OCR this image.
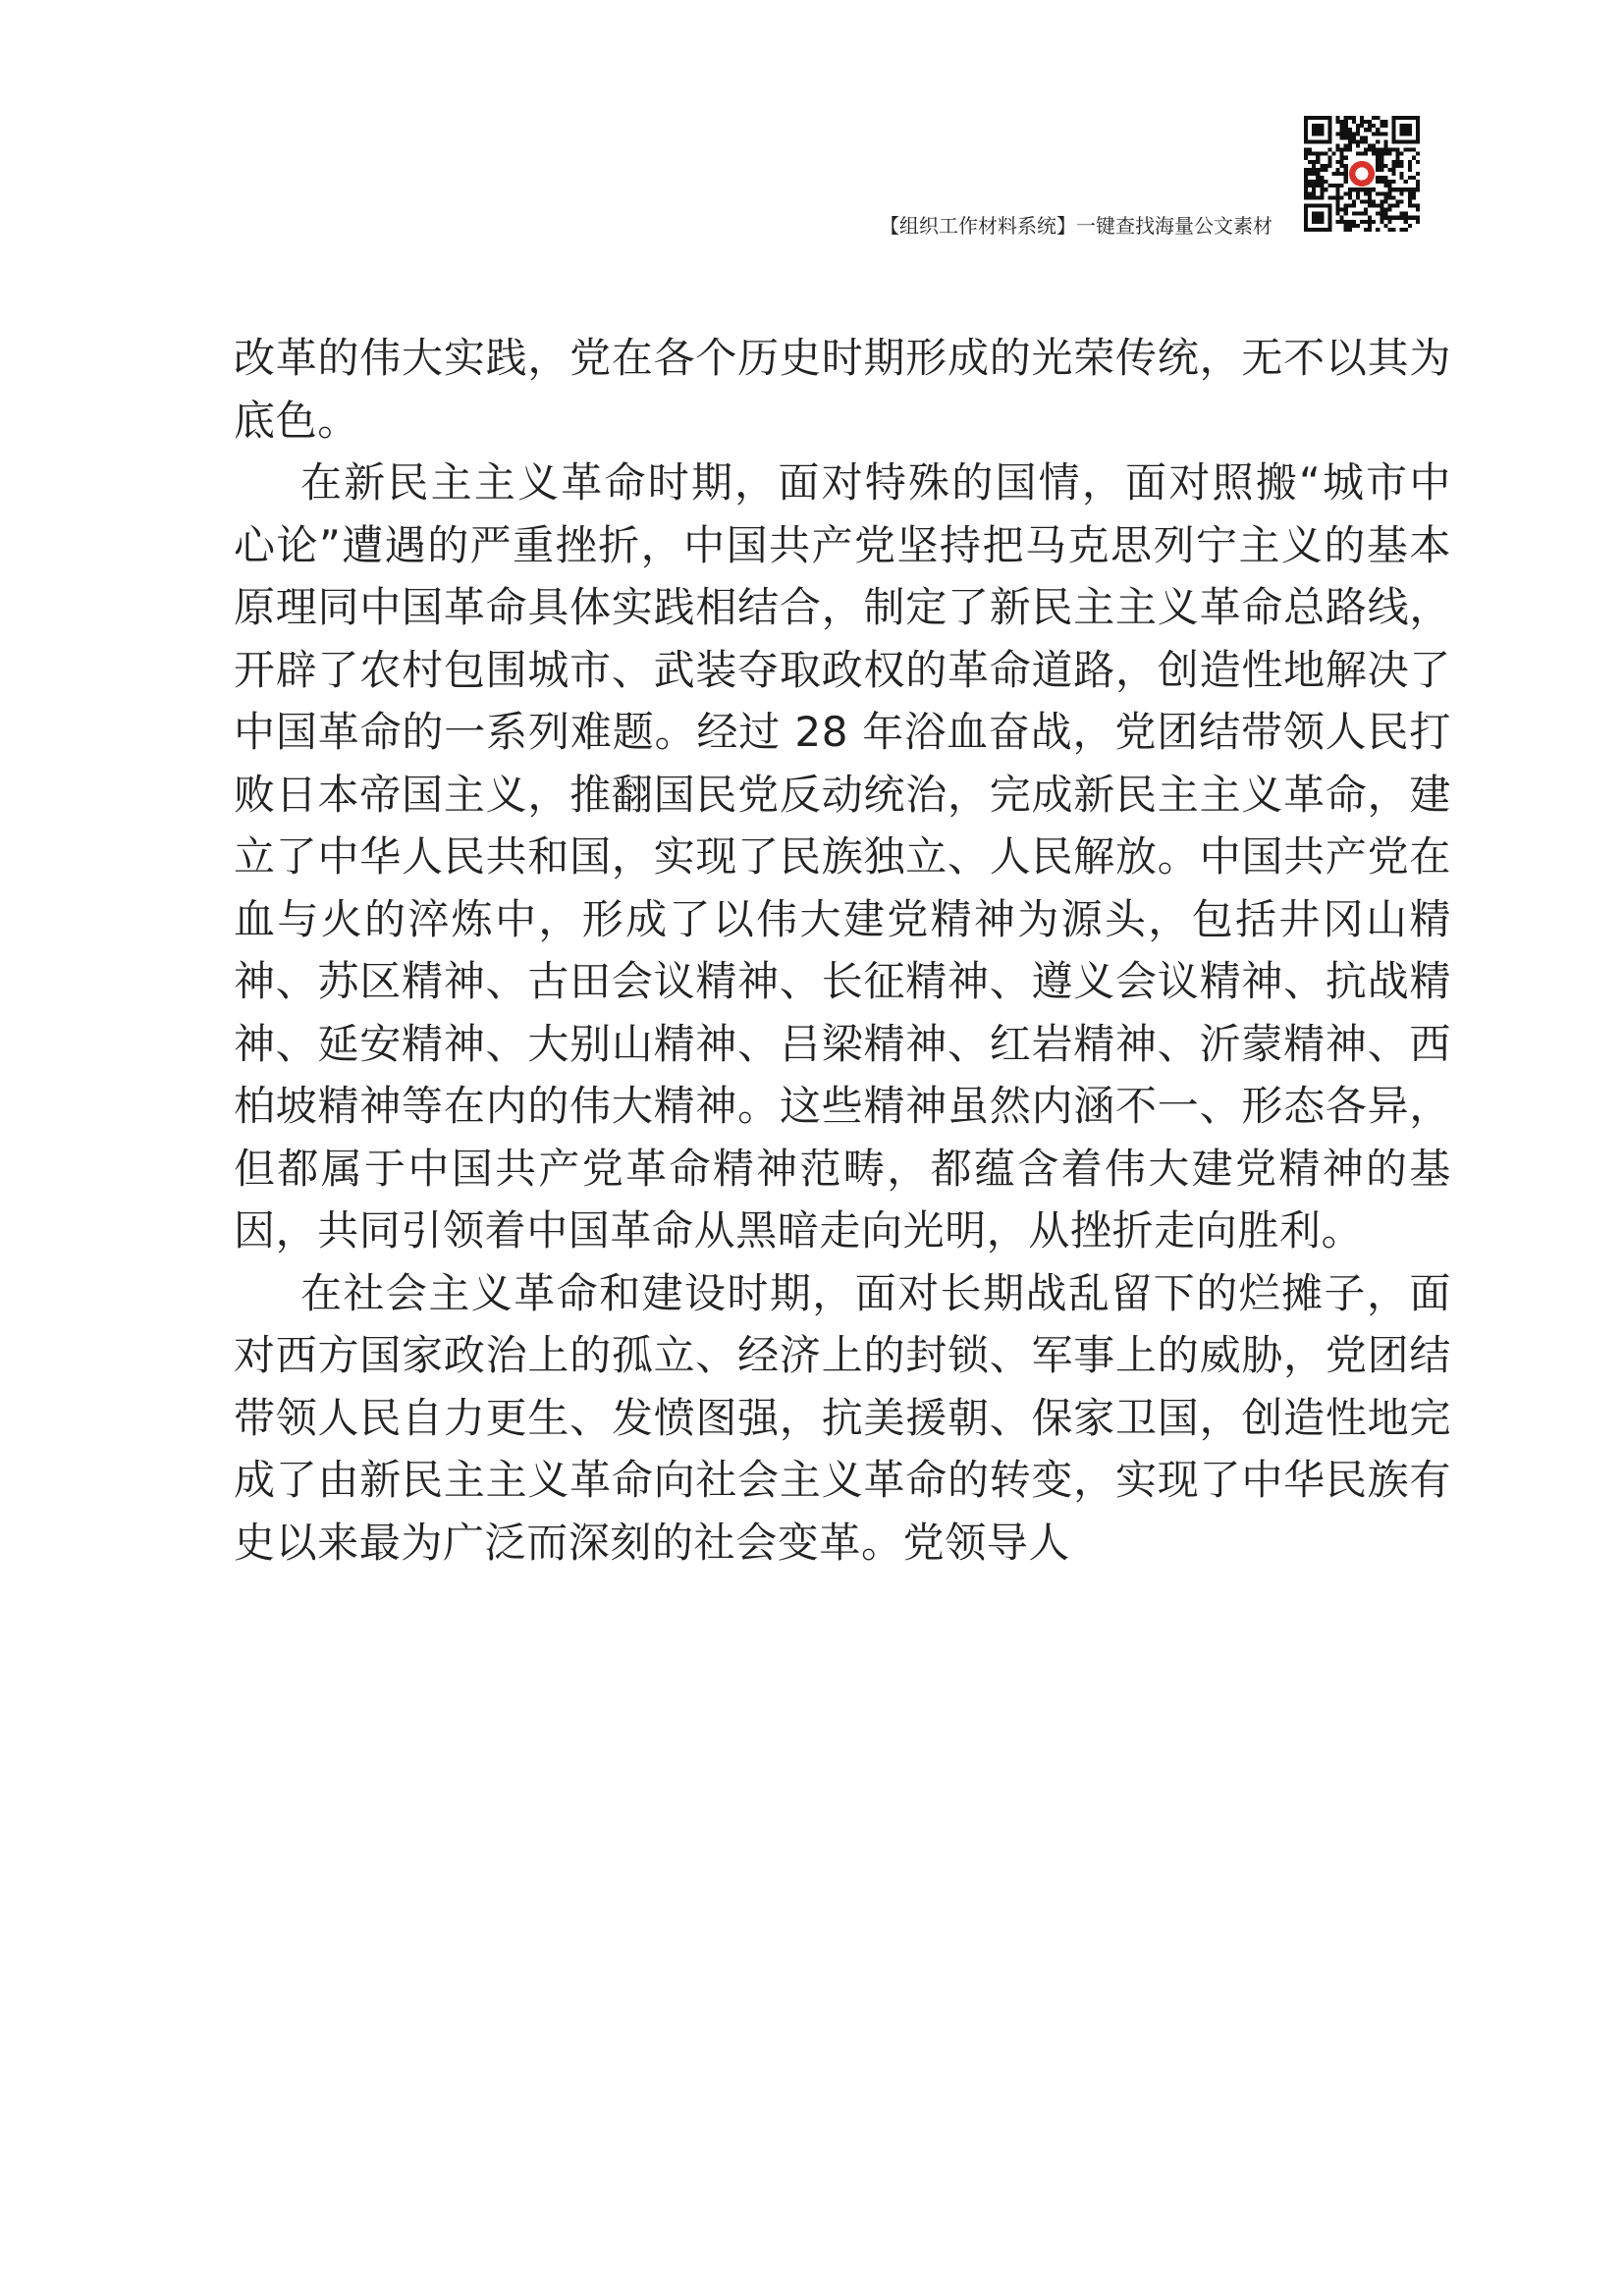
【组织工作材料系统】一键查找海量公文素材

改革的伟大实践，党在各个历史时期形成的光荣传统，无不以其为底色。

在新民主主义革命时期，面对特殊的国情，面对照搬“城市中心论”遭遇的严重挫折，中国共产党坚持把马克思列宁主义的基本原理同中国革命具体实践相结合，制定了新民主主义革命总路线，开辟了农村包围城市、武装夺取政权的革命道路，创造性地解决了中国革命的一系列难题。经过 28 年浴血奋战，党团结带领人民打败日本帝国主义，推翻国民党反动统治，完成新民主主义革命，建立了中华人民共和国，实现了民族独立、人民解放。中国共产党在血与火的淬炼中，形成了以伟大建党精神为源头，包括井冈山精神、苏区精神、古田会议精神、长征精神、遵义会议精神、抗战精神、延安精神、大别山精神、吕梁精神、红岩精神、沂蒙精神、西柏坡精神等在内的伟大精神。这些精神虽然内涵不一、形态各异，但都属于中国共产党革命精神范畴，都蕴含着伟大建党精神的基因，共同引领着中国革命从黑暗走向光明，从挫折走向胜利。

在社会主义革命和建设时期，面对长期战乱留下的烂摊子，面对西方国家政治上的孤立、经济上的封锁、军事上的威胁，党团结带领人民自力更生、发愤图强，抗美援朝、保家卫国，创造性地完成了由新民主主义革命向社会主义革命的转变，实现了中华民族有史以来最为广泛而深刻的社会变革。党领导人
